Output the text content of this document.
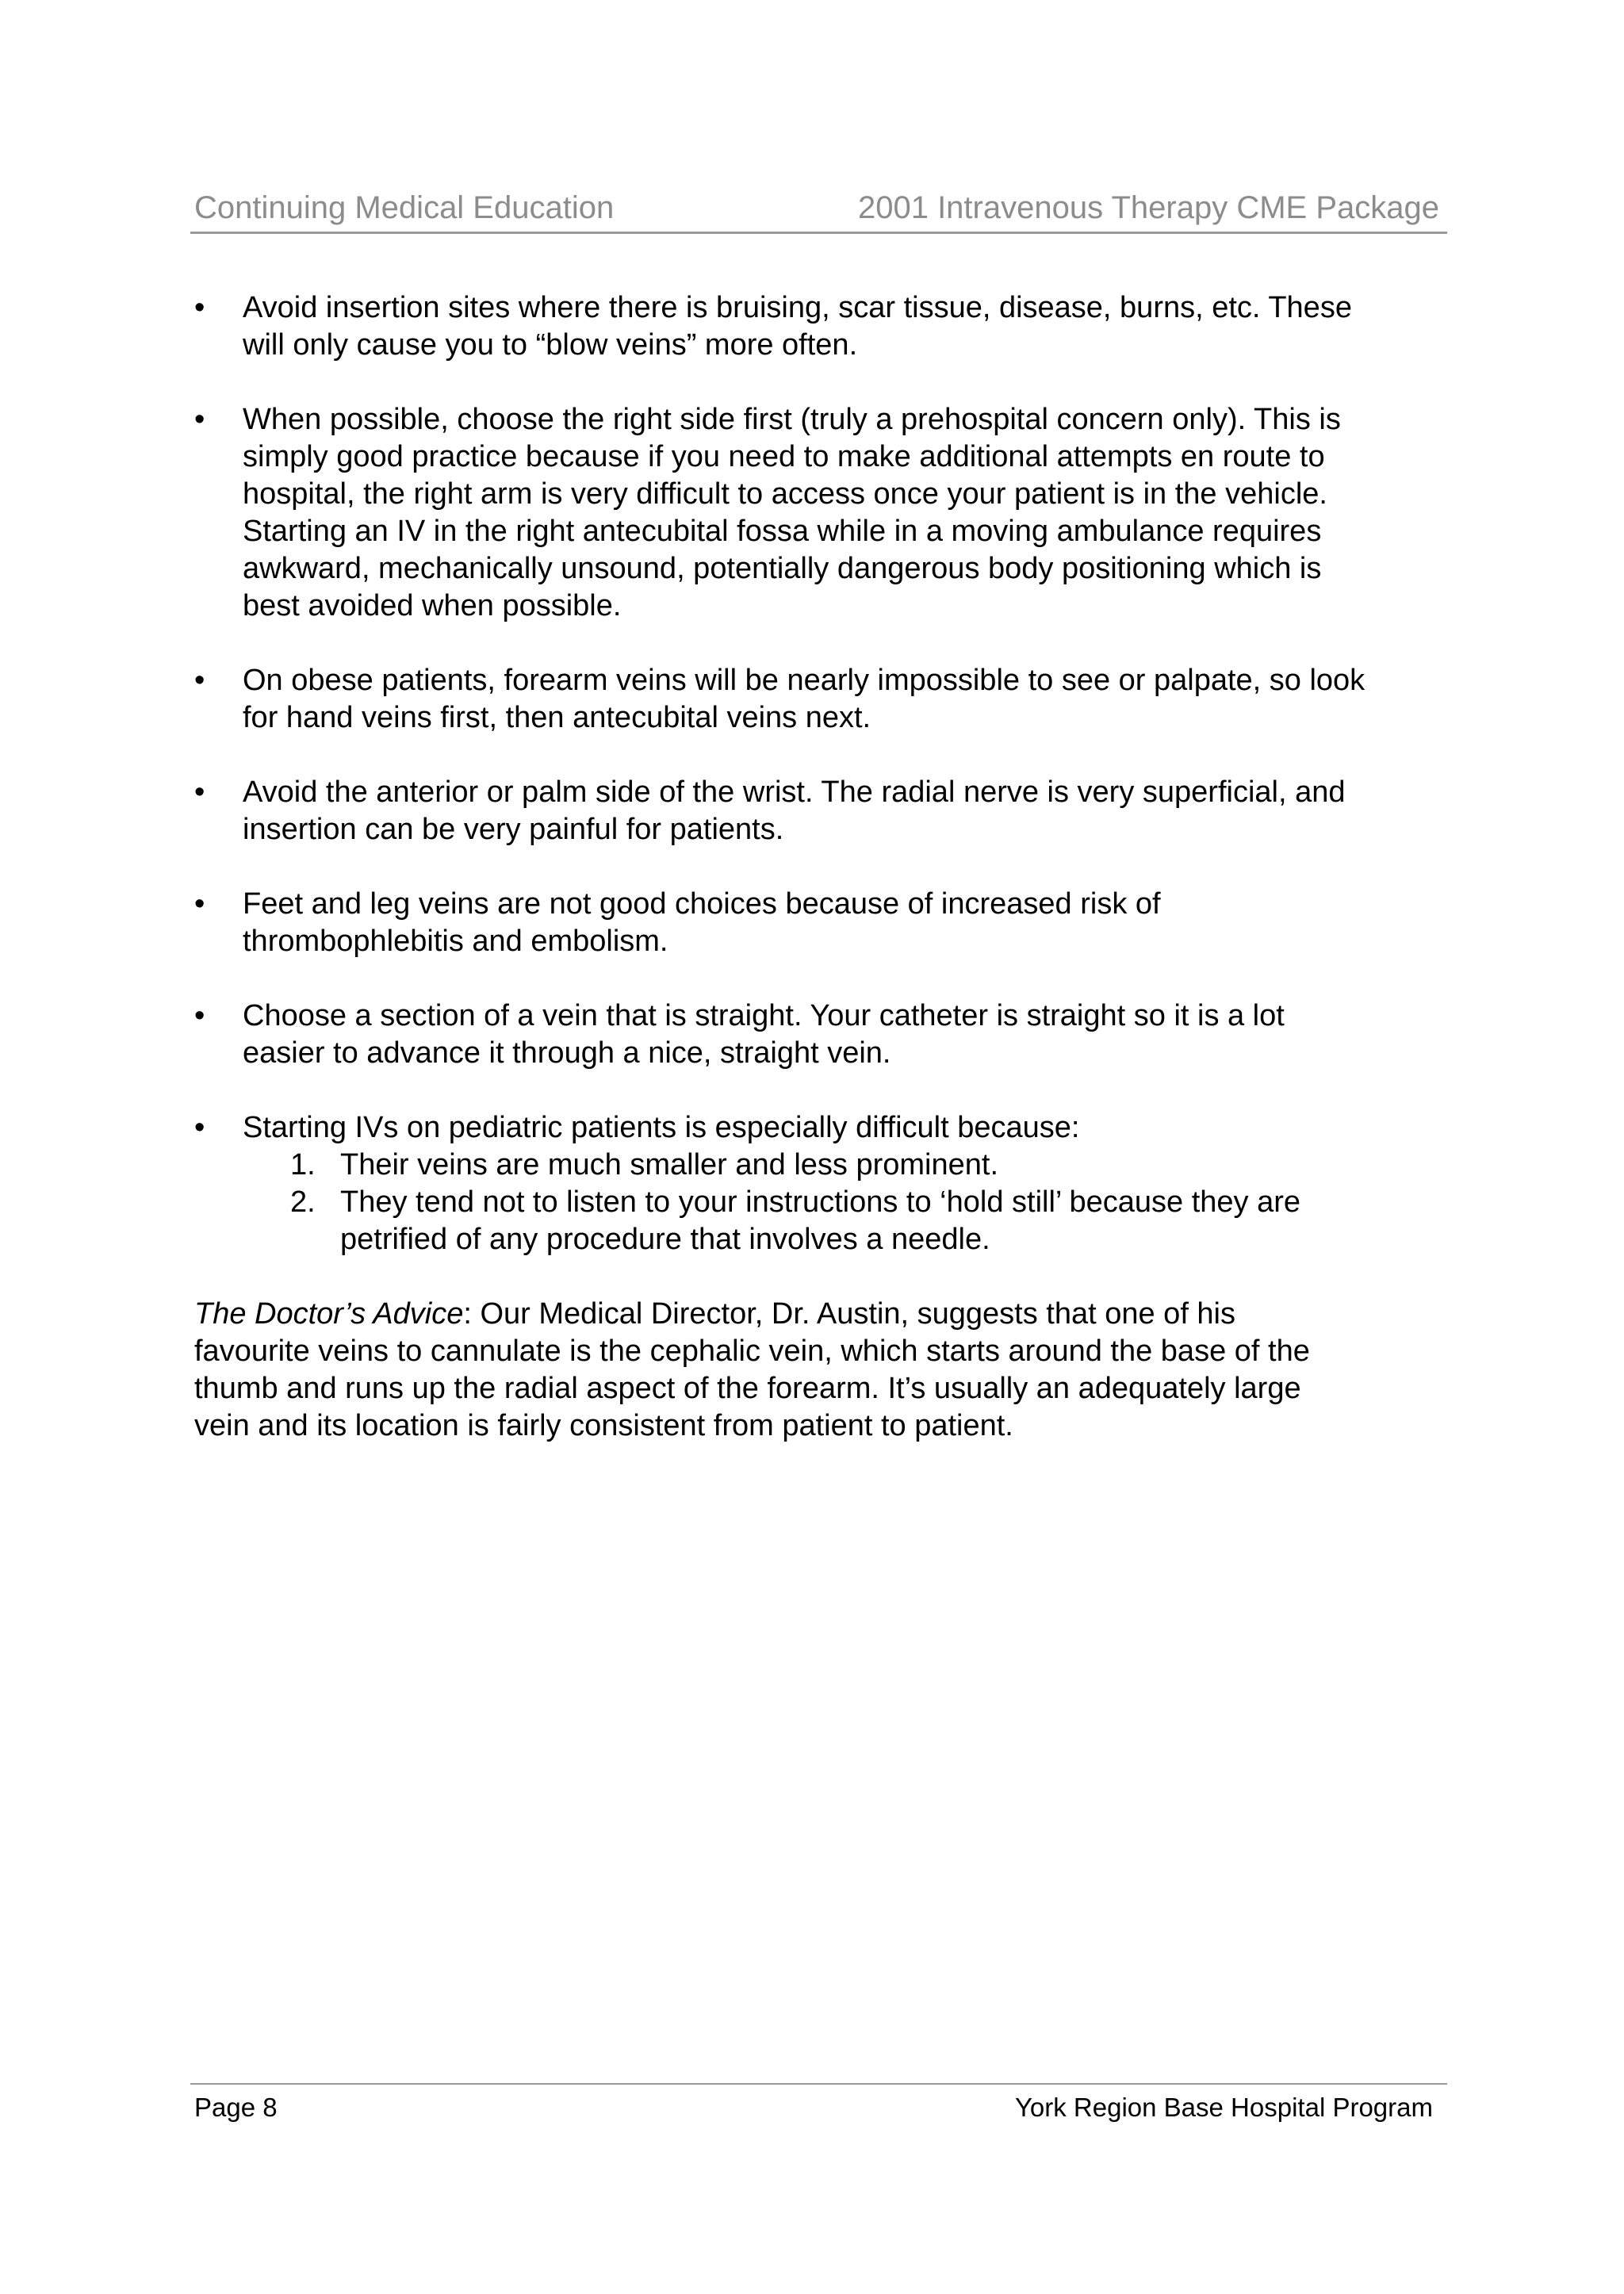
Continuing Medical Education	2001 Intravenous Therapy CME Package
•	Avoid insertion sites where there is bruising, scar tissue, disease, burns, etc. These
will only cause you to “blow veins” more often.
•	When possible, choose the right side first (truly a prehospital concern only). This is
simply good practice because if you need to make additional attempts en route to
hospital, the right arm is very difficult to access once your patient is in the vehicle.
Starting an IV in the right antecubital fossa while in a moving ambulance requires
awkward, mechanically unsound, potentially dangerous body positioning which is
best avoided when possible.
•	On obese patients, forearm veins will be nearly impossible to see or palpate, so look
for hand veins first, then antecubital veins next.
•	Avoid the anterior or palm side of the wrist. The radial nerve is very superficial, and
insertion can be very painful for patients.
•	Feet and leg veins are not good choices because of increased risk of
thrombophlebitis and embolism.
•	Choose a section of a vein that is straight. Your catheter is straight so it is a lot
easier to advance it through a nice, straight vein.
•	Starting IVs on pediatric patients is especially difficult because:
1. Their veins are much smaller and less prominent.
2. They tend not to listen to your instructions to ‘hold still’ because they are
petrified of any procedure that involves a needle.
The Doctor’s Advice: Our Medical Director, Dr. Austin, suggests that one of his
favourite veins to cannulate is the cephalic vein, which starts around the base of the
thumb and runs up the radial aspect of the forearm. It’s usually an adequately large
vein and its location is fairly consistent from patient to patient.
Page 8	York Region Base Hospital Program
